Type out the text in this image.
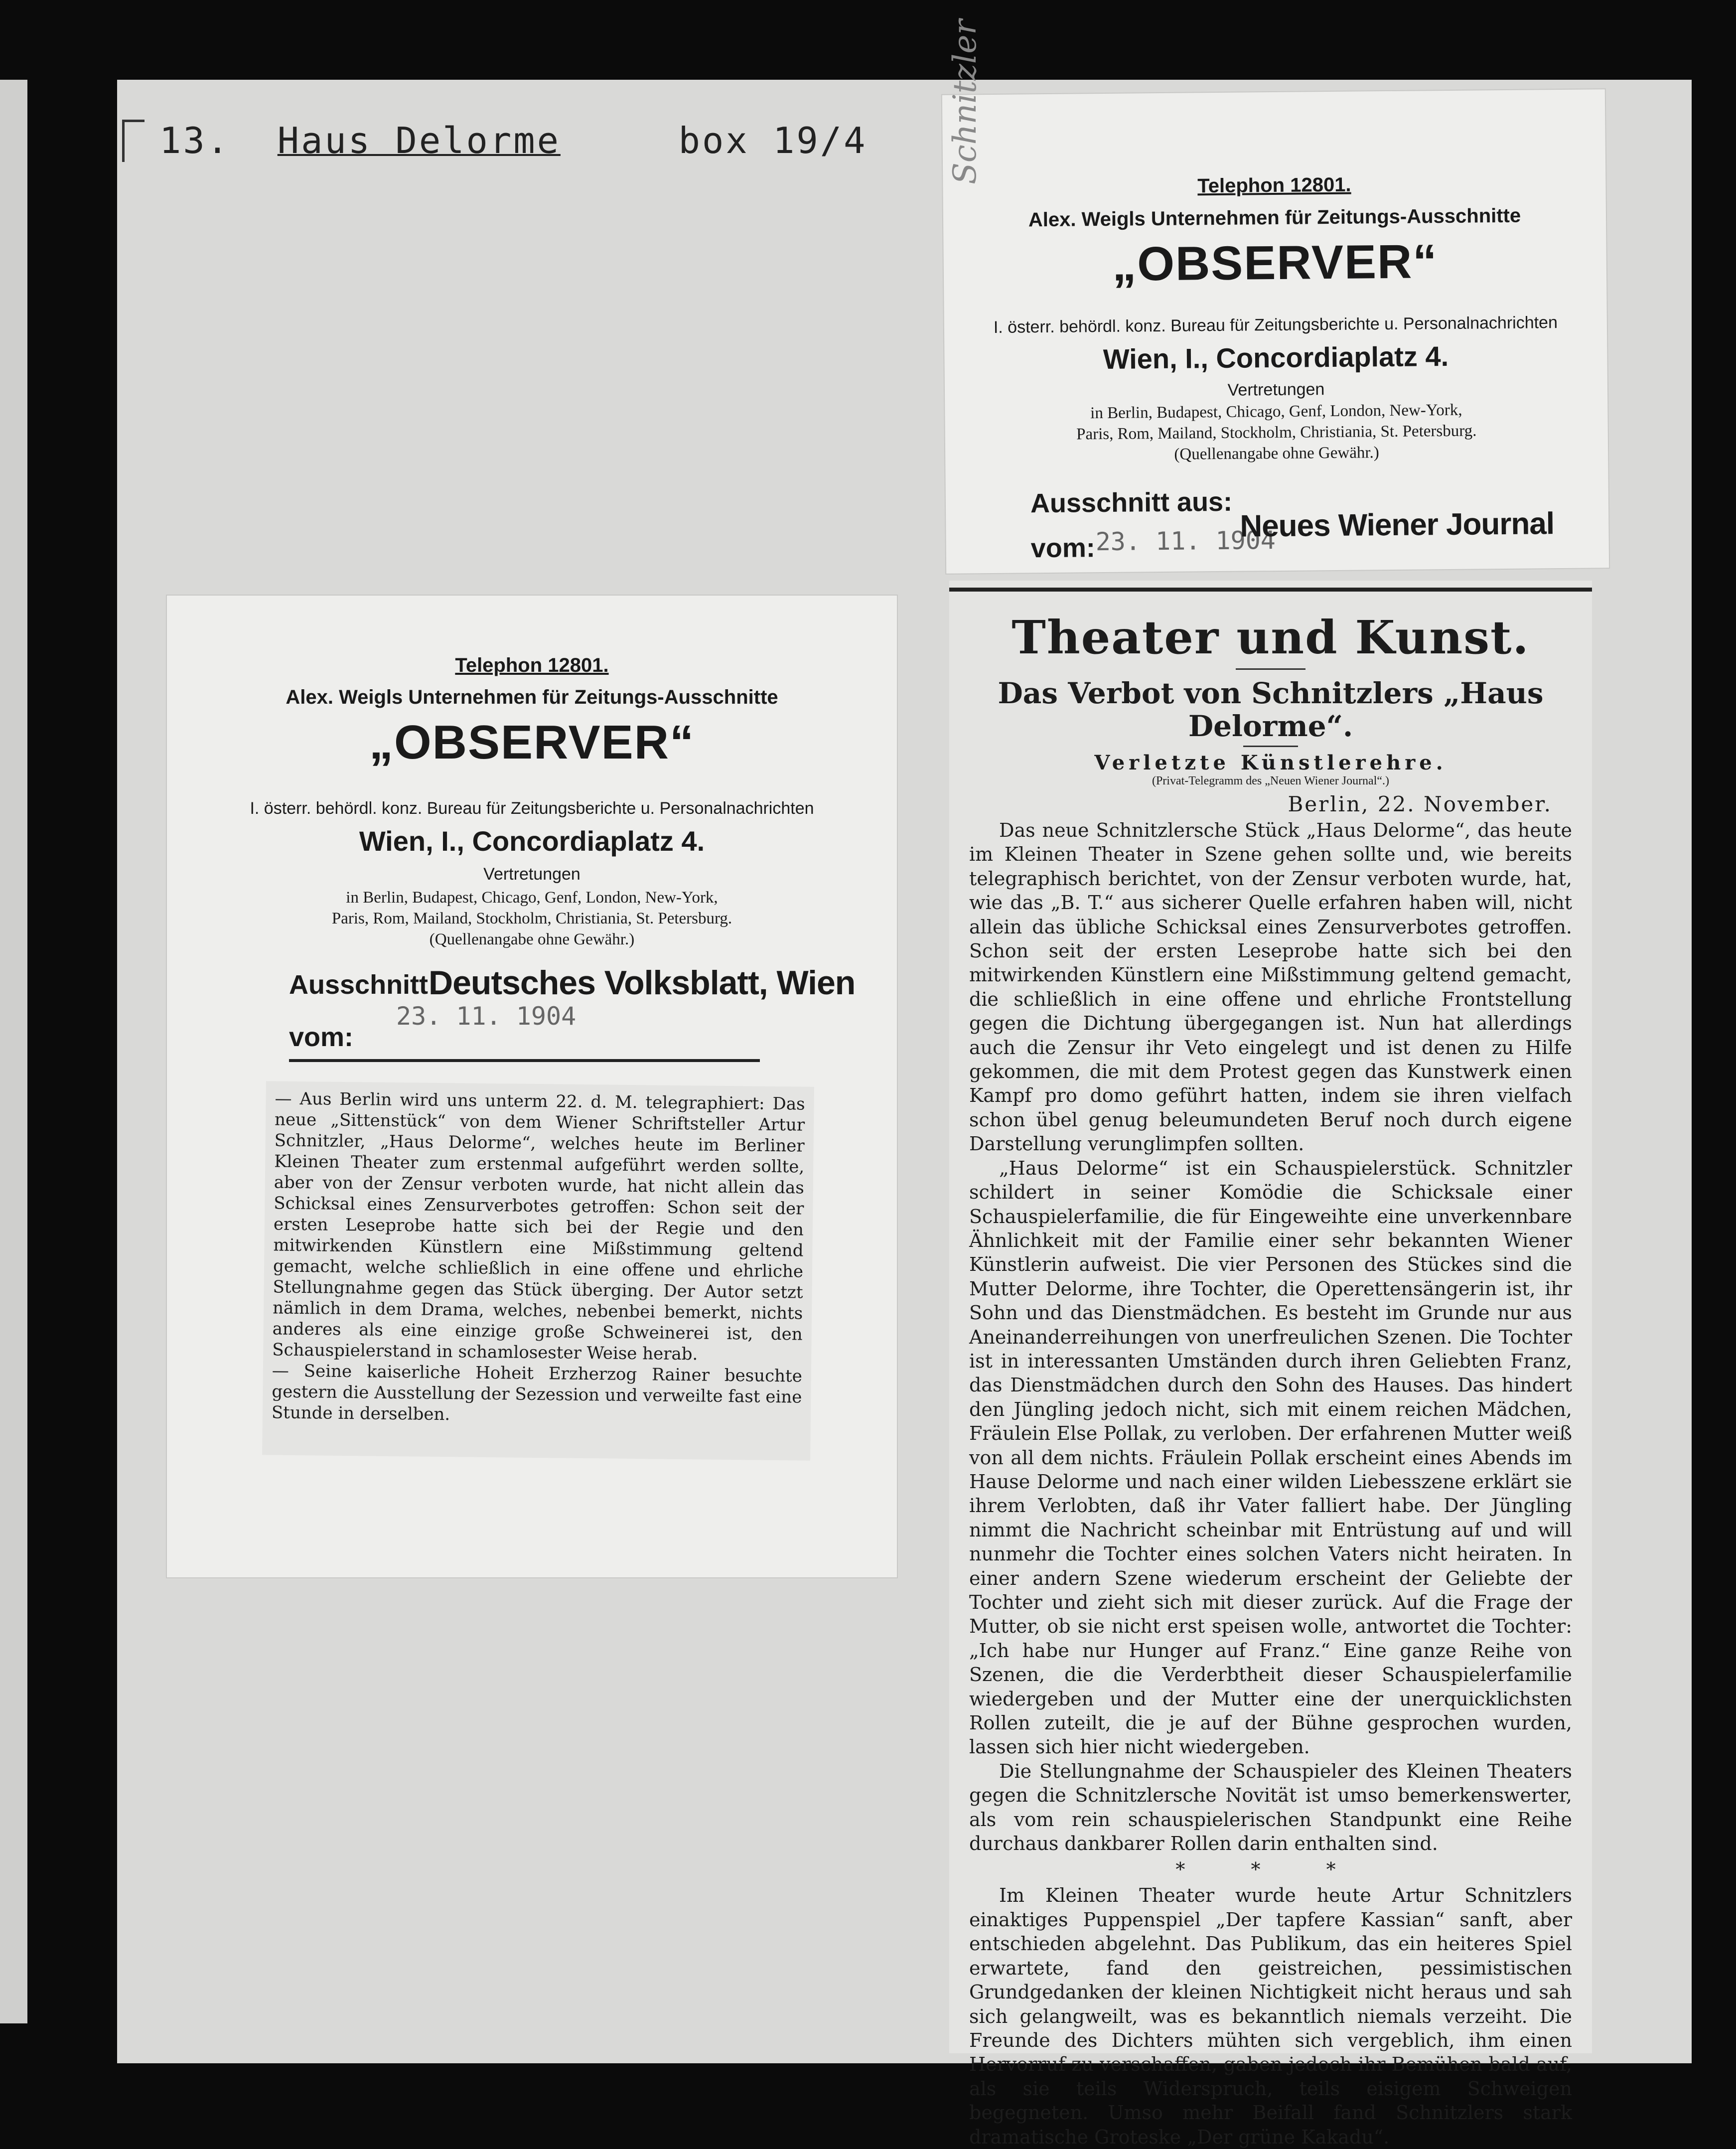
13. Haus Delorme	box 19/4
Telephon 12801.
Alex. Weigls Unternehmen für Zeitungs-Ausschnitte
„OBSERVER“
I. österr. behördl. konz. Bureau für Zeitungsberichte u. Personalnachrichten
Wien, I., Concordiaplatz 4.
Vertretungen
in Berlin, Budapest, Chicago, Genf, London, New-York,
Paris, Rom, Mailand, Stockholm, Christiania, St. Petersburg.
(Quellenangabe ohne Gewähr.)
Ausschnitt Deutsches Volksblatt, Wien
23. 11. 1904
vom:

— Aus Berlin wird uns unterm 22. d. M. telegraphiert: Das neue „Sittenstück“ von dem Wiener Schriftsteller Artur Schnitzler, „Haus Delorme“, welches heute im Berliner Kleinen Theater zum erstenmal aufgeführt werden sollte, aber von der Zensur verboten wurde, hat nicht allein das Schicksal eines Zensurverbotes getroffen: Schon seit der ersten Leseprobe hatte sich bei der Regie und den mitwirkenden Künstlern eine Mißstimmung geltend gemacht, welche schließlich in eine offene und ehrliche Stellungnahme gegen das Stück überging. Der Autor setzt nämlich in dem Drama, welches, nebenbei bemerkt, nichts anderes als eine einzige große Schweinerei ist, den Schauspielerstand in schamlosester Weise herab.

— Seine kaiserliche Hoheit Erzherzog Rainer besuchte gestern die Ausstellung der Sezession und verweilte fast eine Stunde in derselben.

Telephon 12801.
Alex. Weigls Unternehmen für Zeitungs-Ausschnitte
„OBSERVER“
I. österr. behördl. konz. Bureau für Zeitungsberichte u. Personalnachrichten
Wien, I., Concordiaplatz 4.
Vertretungen
in Berlin, Budapest, Chicago, Genf, London, New-York,
Paris, Rom, Mailand, Stockholm, Christiania, St. Petersburg.
(Quellenangabe ohne Gewähr.)
Ausschnitt aus:
23. 11. 1904
Neues Wiener Journal
vom:
Schnitzler
Theater und Kunst.
Das Verbot von Schnitzlers „Haus Delorme“.
Verletzte Künstlerehre.
(Privat-Telegramm des „Neuen Wiener Journal“.)
Berlin, 22. November.

Das neue Schnitzlersche Stück „Haus Delorme“, das heute im Kleinen Theater in Szene gehen sollte und, wie bereits telegraphisch berichtet, von der Zensur verboten wurde, hat, wie das „B. T.“ aus sicherer Quelle erfahren haben will, nicht allein das übliche Schicksal eines Zensurverbotes getroffen. Schon seit der ersten Leseprobe hatte sich bei den mitwirkenden Künstlern eine Mißstimmung geltend gemacht, die schließlich in eine offene und ehrliche Frontstellung gegen die Dichtung übergegangen ist. Nun hat allerdings auch die Zensur ihr Veto eingelegt und ist denen zu Hilfe gekommen, die mit dem Protest gegen das Kunstwerk einen Kampf pro domo geführt hatten, indem sie ihren vielfach schon übel genug beleumundeten Beruf noch durch eigene Darstellung verunglimpfen sollten.

„Haus Delorme“ ist ein Schauspielerstück. Schnitzler schildert in seiner Komödie die Schicksale einer Schauspielerfamilie, die für Eingeweihte eine unverkennbare Ähnlichkeit mit der Familie einer sehr bekannten Wiener Künstlerin aufweist. Die vier Personen des Stückes sind die Mutter Delorme, ihre Tochter, die Operettensängerin ist, ihr Sohn und das Dienstmädchen. Es besteht im Grunde nur aus Aneinanderreihungen von unerfreulichen Szenen. Die Tochter ist in interessanten Umständen durch ihren Geliebten Franz, das Dienstmädchen durch den Sohn des Hauses. Das hindert den Jüngling jedoch nicht, sich mit einem reichen Mädchen, Fräulein Else Pollak, zu verloben. Der erfahrenen Mutter weiß von all dem nichts. Fräulein Pollak erscheint eines Abends im Hause Delorme und nach einer wilden Liebesszene erklärt sie ihrem Verlobten, daß ihr Vater falliert habe. Der Jüngling nimmt die Nachricht scheinbar mit Entrüstung auf und will nunmehr die Tochter eines solchen Vaters nicht heiraten. In einer andern Szene wiederum erscheint der Geliebte der Tochter und zieht sich mit dieser zurück. Auf die Frage der Mutter, ob sie nicht erst speisen wolle, antwortet die Tochter: „Ich habe nur Hunger auf Franz.“ Eine ganze Reihe von Szenen, die die Verderbtheit dieser Schauspielerfamilie wiedergeben und der Mutter eine der unerquicklichsten Rollen zuteilt, die je auf der Bühne gesprochen wurden, lassen sich hier nicht wiedergeben.

Die Stellungnahme der Schauspieler des Kleinen Theaters gegen die Schnitzlersche Novität ist umso bemerkenswerter, als vom rein schauspielerischen Standpunkt eine Reihe durchaus dankbarer Rollen darin enthalten sind.

* * *

Im Kleinen Theater wurde heute Artur Schnitzlers einaktiges Puppenspiel „Der tapfere Kassian“ sanft, aber entschieden abgelehnt. Das Publikum, das ein heiteres Spiel erwartete, fand den geistreichen, pessimistischen Grundgedanken der kleinen Nichtigkeit nicht heraus und sah sich gelangweilt, was es bekanntlich niemals verzeiht. Die Freunde des Dichters mühten sich vergeblich, ihm einen Hervorruf zu verschaffen, gaben jedoch ihr Bemühen bald auf, als sie teils Widerspruch, teils eisigem Schweigen begegneten. Umso mehr Beifall fand Schnitzlers stark dramatische Groteske „Der grüne Kakadu“.
